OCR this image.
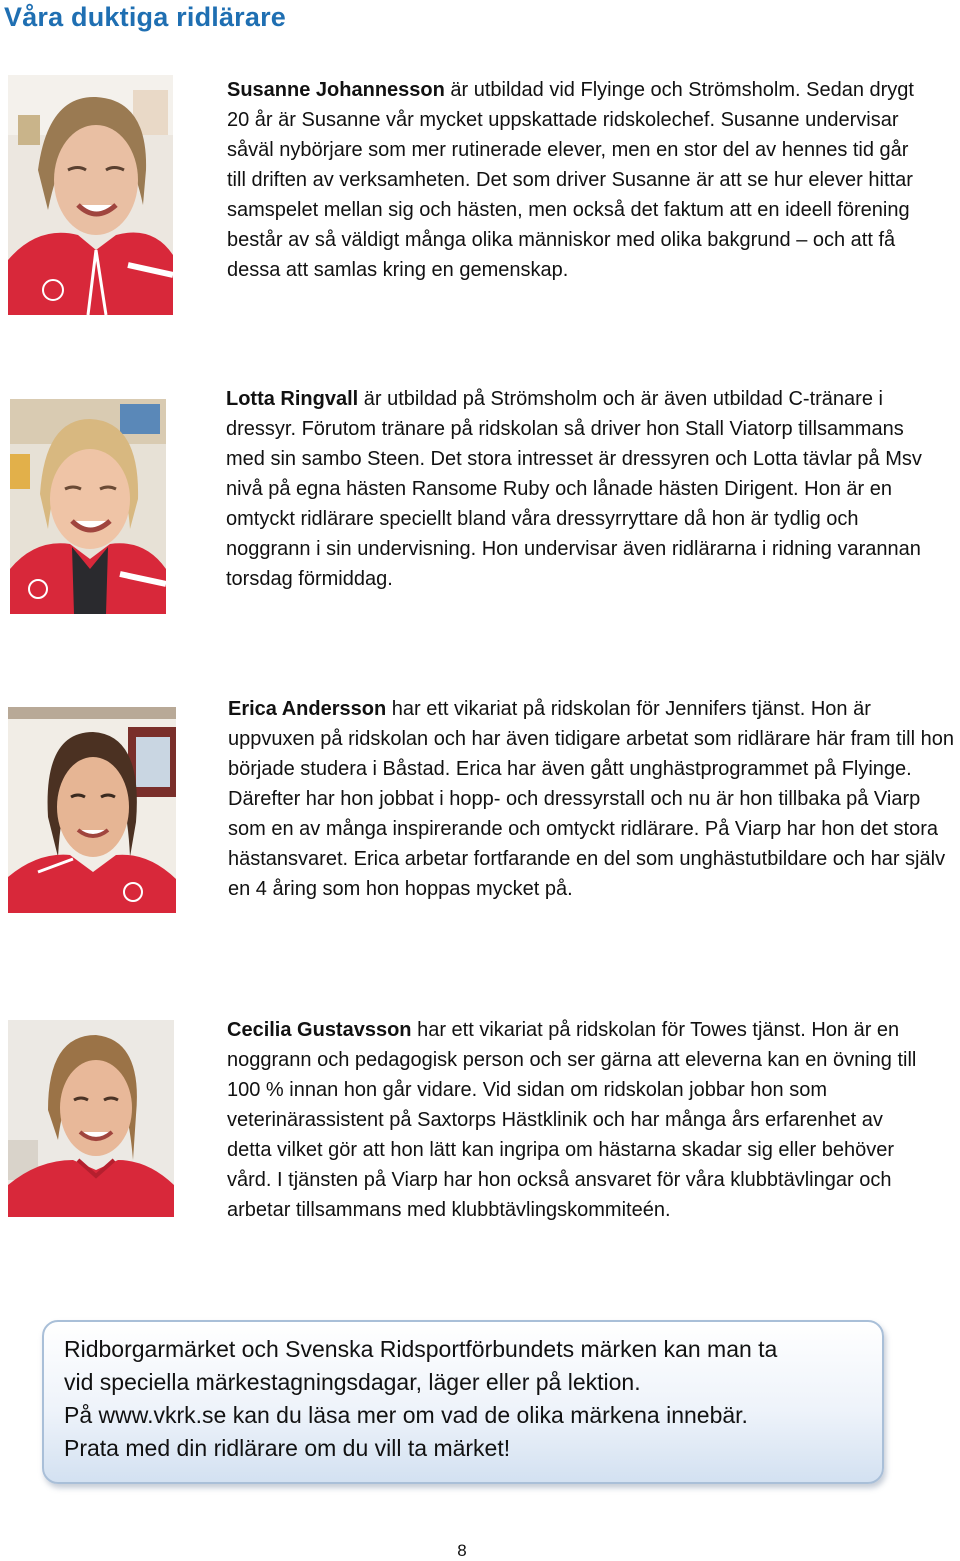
Våra duktiga ridlärare

Susanne Johannesson är utbildad vid Flyinge och Strömsholm. Sedan drygt 20 år är Susanne vår mycket uppskattade ridskolechef. Susanne undervisar såväl nybörjare som mer rutinerade elever, men en stor del av hennes tid går till driften av verksamheten. Det som driver Susanne är att se hur elever hittar samspelet mellan sig och hästen, men också det faktum att en ideell förening består av så väldigt många olika människor med olika bakgrund – och att få dessa att samlas kring en gemenskap.

Lotta Ringvall är utbildad på Strömsholm och är även utbildad C-tränare i dressyr. Förutom tränare på ridskolan så driver hon Stall Viatorp tillsammans med sin sambo Steen. Det stora intresset är dressyren och Lotta tävlar på Msv nivå på egna hästen Ransome Ruby och lånade hästen Dirigent. Hon är en omtyckt ridlärare speciellt bland våra dressyrryttare då hon är tydlig och noggrann i sin undervisning. Hon undervisar även ridlärarna i ridning varannan torsdag förmiddag.

Erica Andersson har ett vikariat på ridskolan för Jennifers tjänst. Hon är uppvuxen på ridskolan och har även tidigare arbetat som ridlärare här fram till hon började studera i Båstad. Erica har även gått unghästprogrammet på Flyinge. Därefter har hon jobbat i hopp- och dressyrstall och nu är hon tillbaka på Viarp som en av många inspirerande och omtyckt ridlärare. På Viarp har hon det stora hästansvaret. Erica arbetar fortfarande en del som unghästutbildare och har själv en 4 åring som hon hoppas mycket på.

Cecilia Gustavsson har ett vikariat på ridskolan för Towes tjänst. Hon är en noggrann och pedagogisk person och ser gärna att eleverna kan en övning till 100 % innan hon går vidare. Vid sidan om ridskolan jobbar hon som veterinärassistent på Saxtorps Hästklinik och har många års erfarenhet av detta vilket gör att hon lätt kan ingripa om hästarna skadar sig eller behöver vård. I tjänsten på Viarp har hon också ansvaret för våra klubbtävlingar och arbetar tillsammans med klubbtävlingskommiteén.

Ridborgarmärket och Svenska Ridsportförbundets märken kan man ta

vid speciella märkestagningsdagar, läger eller på lektion.

På www.vkrk.se kan du läsa mer om vad de olika märkena innebär.

Prata med din ridlärare om du vill ta märket!

8
